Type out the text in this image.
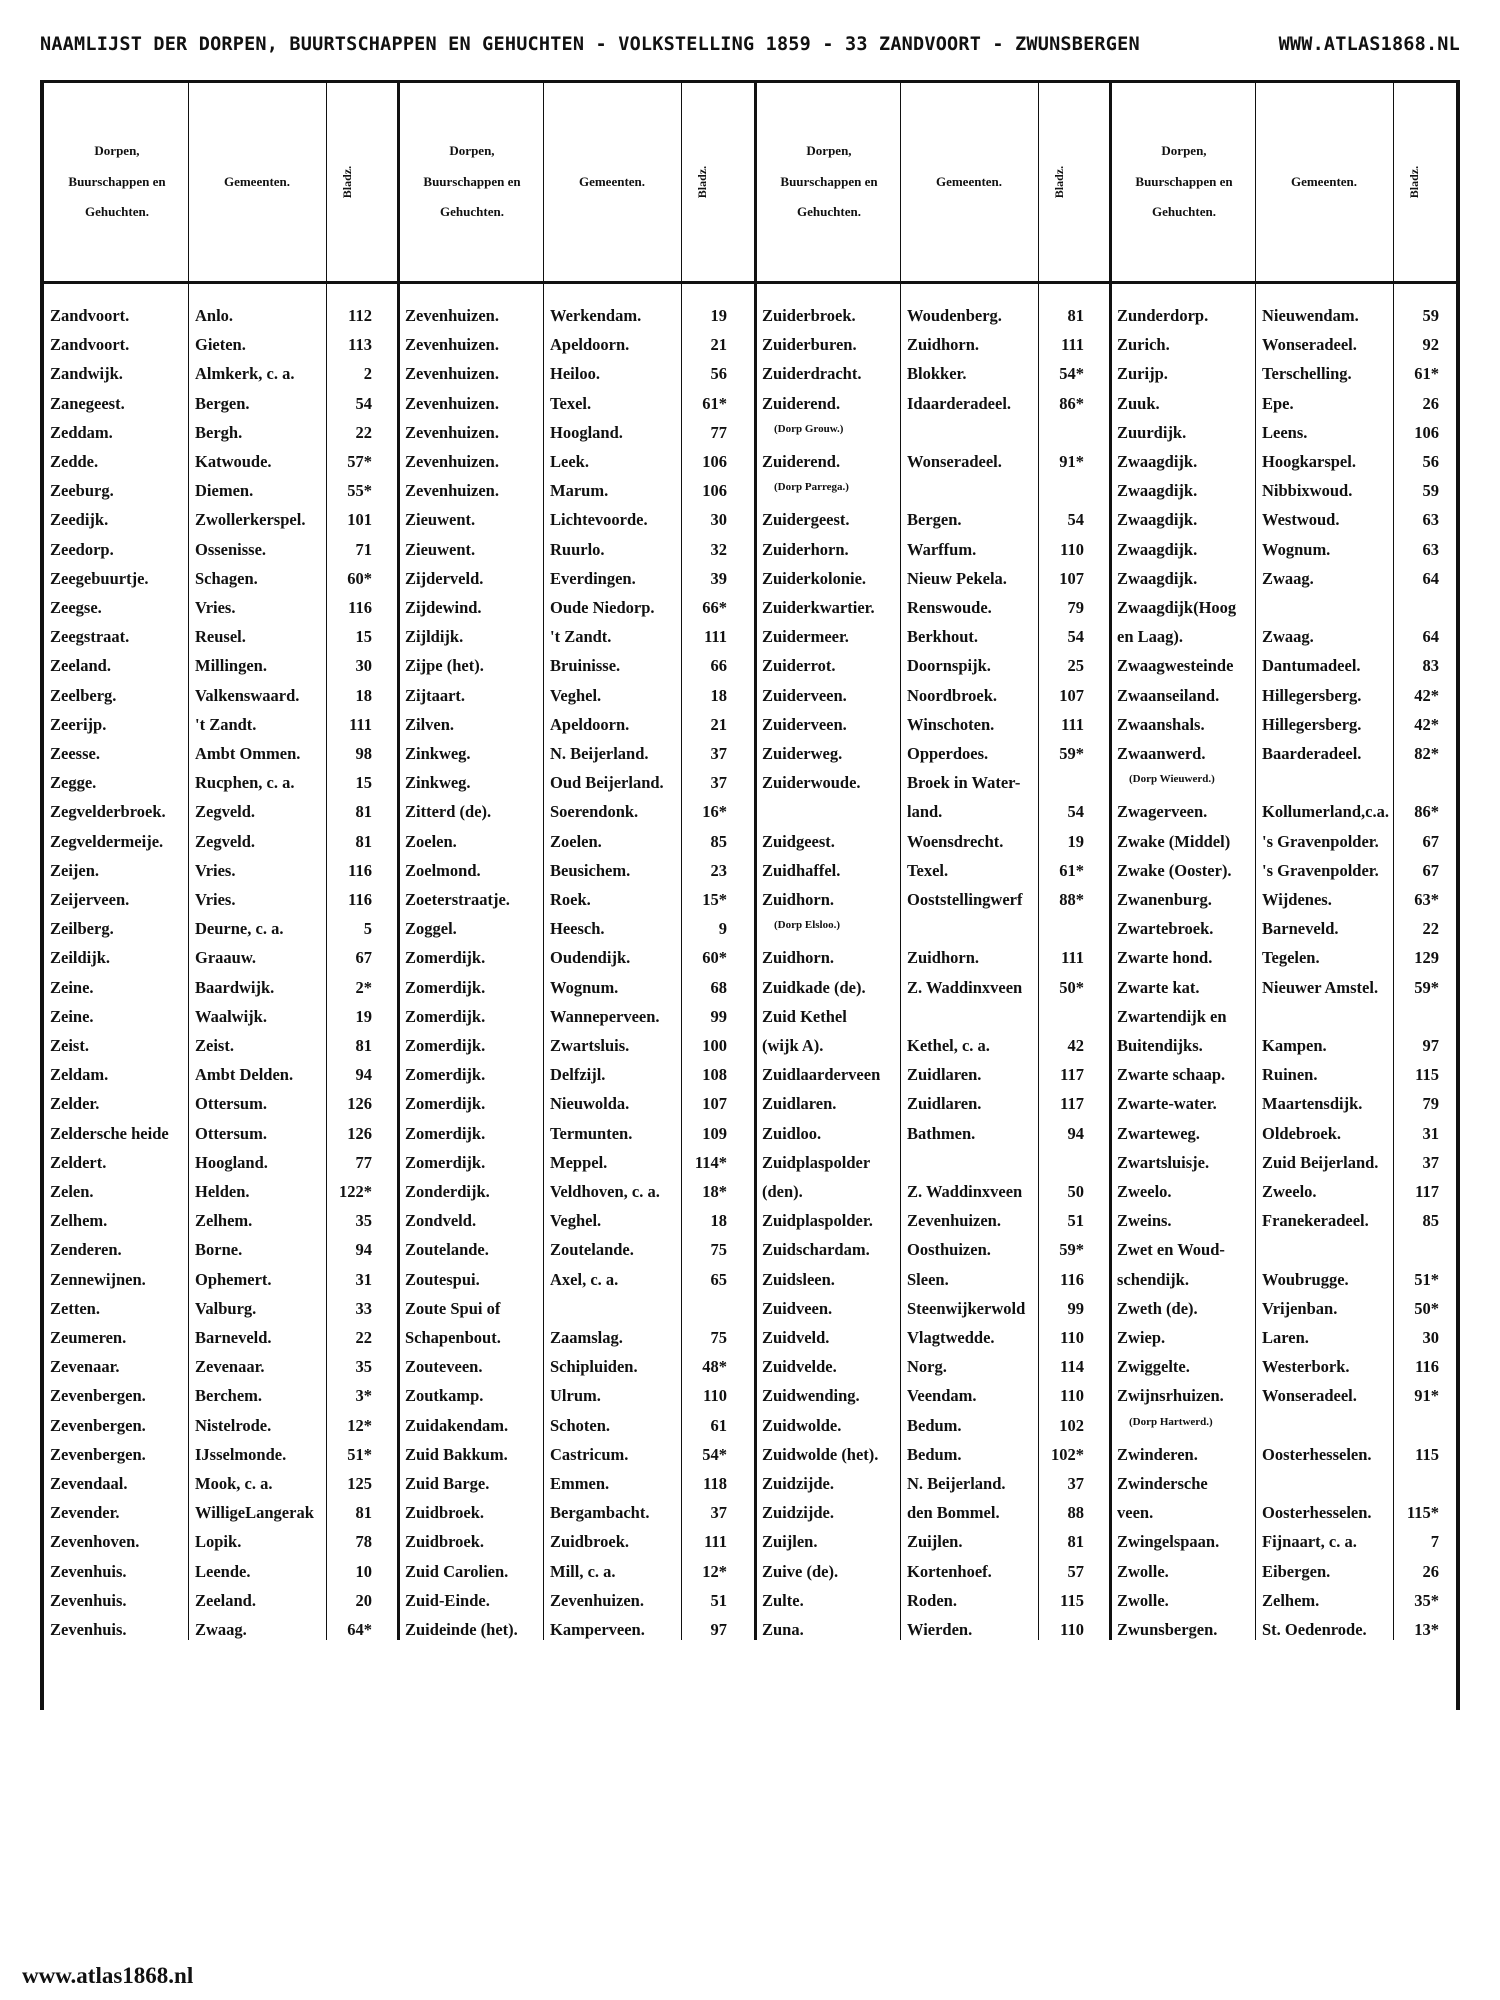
NAAMLIJST DER DORPEN, BUURTSCHAPPEN EN GEHUCHTEN - VOLKSTELLING 1859 - 33 ZANDVOORT - ZWUNSBERGEN	WWW.ATLAS1868.NL
Dorpen, Buurschappen en Gehuchten.
Gemeenten.	Bladz.
Dorpen, Buurschappen en Gehuchten.
Gemeenten.	Bladz.
Dorpen, Buurschappen en Gehuchten.
Gemeenten.	Bladz.
Dorpen, Buurschappen en Gehuchten.
Gemeenten.	Bladz.
Zandvoort.	Anlo.	112 Zevenhuizen.	Werkendam.	19 Zuiderbroek.	Woudenberg.	81 Zunderdorp.	Nieuwendam.	59
Zandvoort.	Gieten.	113 Zevenhuizen.	Apeldoorn.	21 Zuiderburen.	Zuidhorn.	111 Zurich.	Wonseradeel.	92
Zandwijk.	Almkerk, c. a.	2 Zevenhuizen.	Heiloo.	56 Zuiderdracht.	Blokker.	54* Zurijp.	Terschelling.	61*
Zanegeest.	Bergen.	54 Zevenhuizen.	Texel.	61* Zuiderend.	Idaarderadeel.	86* Zuuk.	Epe.	26
Zeddam.	Bergh.	22 Zevenhuizen.	Hoogland.	77	(Dorp Grouw.)	Zuurdijk.	Leens.	106
Zedde.	Katwoude.	57* Zevenhuizen.	Leek.	106 Zuiderend.	Wonseradeel.	91* Zwaagdijk.	Hoogkarspel.	56
Zeeburg.	Diemen.	55* Zevenhuizen.	Marum.	106	(Dorp Parrega.)	Zwaagdijk.	Nibbixwoud.	59
Zeedijk.	Zwollerkerspel.	101 Zieuwent.	Lichtevoorde.	30 Zuidergeest.	Bergen.	54 Zwaagdijk.	Westwoud.	63
Zeedorp.	Ossenisse.	71 Zieuwent.	Ruurlo.	32 Zuiderhorn.	Warffum.	110 Zwaagdijk.	Wognum.	63
Zeegebuurtje.	Schagen.	60* Zijderveld.	Everdingen.	39 Zuiderkolonie.	Nieuw Pekela.	107 Zwaagdijk.	Zwaag.	64
Zeegse.	Vries.	116 Zijdewind.	Oude Niedorp.	66* Zuiderkwartier.	Renswoude.	79 Zwaagdijk(Hoog
Zeegstraat.	Reusel.	15 Zijldijk.	't Zandt.	111 Zuidermeer.	Berkhout.	54 en Laag).	Zwaag.	64
Zeeland.	Millingen.	30 Zijpe (het).	Bruinisse.	66 Zuiderrot.	Doornspijk.	25 Zwaagwesteinde	Dantumadeel.	83
Zeelberg.	Valkenswaard.	18 Zijtaart.	Veghel.	18 Zuiderveen.	Noordbroek.	107 Zwaanseiland.	Hillegersberg.	42*
Zeerijp.	't Zandt.	111 Zilven.	Apeldoorn.	21 Zuiderveen.	Winschoten.	111 Zwaanshals.	Hillegersberg.	42*
Zeesse.	Ambt Ommen.	98 Zinkweg.	N. Beijerland.	37 Zuiderweg.	Opperdoes.	59* Zwaanwerd.	Baarderadeel.	82*
Zegge.	Rucphen, c. a.	15 Zinkweg.	Oud Beijerland.	37 Zuiderwoude.	Broek in Water-	(Dorp Wieuwerd.)
Zegvelderbroek.	Zegveld.	81 Zitterd (de).	Soerendonk.	16*	land.	54 Zwagerveen.	Kollumerland,c.a.	86*
Zegveldermeije.	Zegveld.	81 Zoelen.	Zoelen.	85 Zuidgeest.	Woensdrecht.	19 Zwake (Middel)	's Gravenpolder.	67
Zeijen.	Vries.	116 Zoelmond.	Beusichem.	23 Zuidhaffel.	Texel.	61* Zwake (Ooster).	's Gravenpolder.	67
Zeijerveen.	Vries.	116 Zoeterstraatje.	Roek.	15* Zuidhorn.	Ooststellingwerf	88* Zwanenburg.	Wijdenes.	63*
Zeilberg.	Deurne, c. a.	5 Zoggel.	Heesch.	9	(Dorp Elsloo.)	Zwartebroek.	Barneveld.	22
Zeildijk.	Graauw.	67 Zomerdijk.	Oudendijk.	60* Zuidhorn.	Zuidhorn.	111 Zwarte hond.	Tegelen.	129
Zeine.	Baardwijk.	2* Zomerdijk.	Wognum.	68 Zuidkade (de).	Z. Waddinxveen	50* Zwarte kat.	Nieuwer Amstel.	59*
Zeine.	Waalwijk.	19 Zomerdijk.	Wanneperveen.	99 Zuid Kethel	Zwartendijk en
Zeist.	Zeist.	81 Zomerdijk.	Zwartsluis.	100 (wijk A).	Kethel, c. a.	42 Buitendijks.	Kampen.	97
Zeldam.	Ambt Delden.	94 Zomerdijk.	Delfzijl.	108 Zuidlaarderveen	Zuidlaren.	117 Zwarte schaap.	Ruinen.	115
Zelder.	Ottersum.	126 Zomerdijk.	Nieuwolda.	107 Zuidlaren.	Zuidlaren.	117 Zwarte-water.	Maartensdijk.	79
Zeldersche heide	Ottersum.	126 Zomerdijk.	Termunten.	109 Zuidloo.	Bathmen.	94 Zwarteweg.	Oldebroek.	31
Zeldert.	Hoogland.	77 Zomerdijk.	Meppel.	114* Zuidplaspolder	Zwartsluisje.	Zuid Beijerland.	37
Zelen.	Helden.	122* Zonderdijk.	Veldhoven, c. a.	18* (den).	Z. Waddinxveen	50 Zweelo.	Zweelo.	117
Zelhem.	Zelhem.	35 Zondveld.	Veghel.	18 Zuidplaspolder.	Zevenhuizen.	51 Zweins.	Franekeradeel.	85
Zenderen.	Borne.	94 Zoutelande.	Zoutelande.	75 Zuidschardam.	Oosthuizen.	59* Zwet en Woud-
Zennewijnen.	Ophemert.	31 Zoutespui.	Axel, c. a.	65 Zuidsleen.	Sleen.	116 schendijk.	Woubrugge.	51*
Zetten.	Valburg.	33 Zoute Spui of	Zuidveen.	Steenwijkerwold	99 Zweth (de).	Vrijenban.	50*
Zeumeren.	Barneveld.	22 Schapenbout.	Zaamslag.	75 Zuidveld.	Vlagtwedde.	110 Zwiep.	Laren.	30
Zevenaar.	Zevenaar.	35 Zouteveen.	Schipluiden.	48* Zuidvelde.	Norg.	114 Zwiggelte.	Westerbork.	116
Zevenbergen.	Berchem.	3* Zoutkamp.	Ulrum.	110 Zuidwending.	Veendam.	110 Zwijnsrhuizen.	Wonseradeel.	91*
Zevenbergen.	Nistelrode.	12* Zuidakendam.	Schoten.	61 Zuidwolde.	Bedum.	102	(Dorp Hartwerd.)
Zevenbergen.	IJsselmonde.	51* Zuid Bakkum.	Castricum.	54* Zuidwolde (het).	Bedum.	102* Zwinderen.	Oosterhesselen.	115
Zevendaal.	Mook, c. a.	125 Zuid Barge.	Emmen.	118 Zuidzijde.	N. Beijerland.	37 Zwindersche
Zevender.	WilligeLangerak	81 Zuidbroek.	Bergambacht.	37 Zuidzijde.	den Bommel.	88 veen.	Oosterhesselen.	115*
Zevenhoven.	Lopik.	78 Zuidbroek.	Zuidbroek.	111 Zuijlen.	Zuijlen.	81 Zwingelspaan.	Fijnaart, c. a.	7
Zevenhuis.	Leende.	10 Zuid Carolien.	Mill, c. a.	12* Zuive (de).	Kortenhoef.	57 Zwolle.	Eibergen.	26
Zevenhuis.	Zeeland.	20 Zuid-Einde.	Zevenhuizen.	51 Zulte.	Roden.	115 Zwolle.	Zelhem.	35*
Zevenhuis.	Zwaag.	64* Zuideinde (het).	Kamperveen.	97 Zuna.	Wierden.	110 Zwunsbergen.	St. Oedenrode.	13*
www.atlas1868.nl
